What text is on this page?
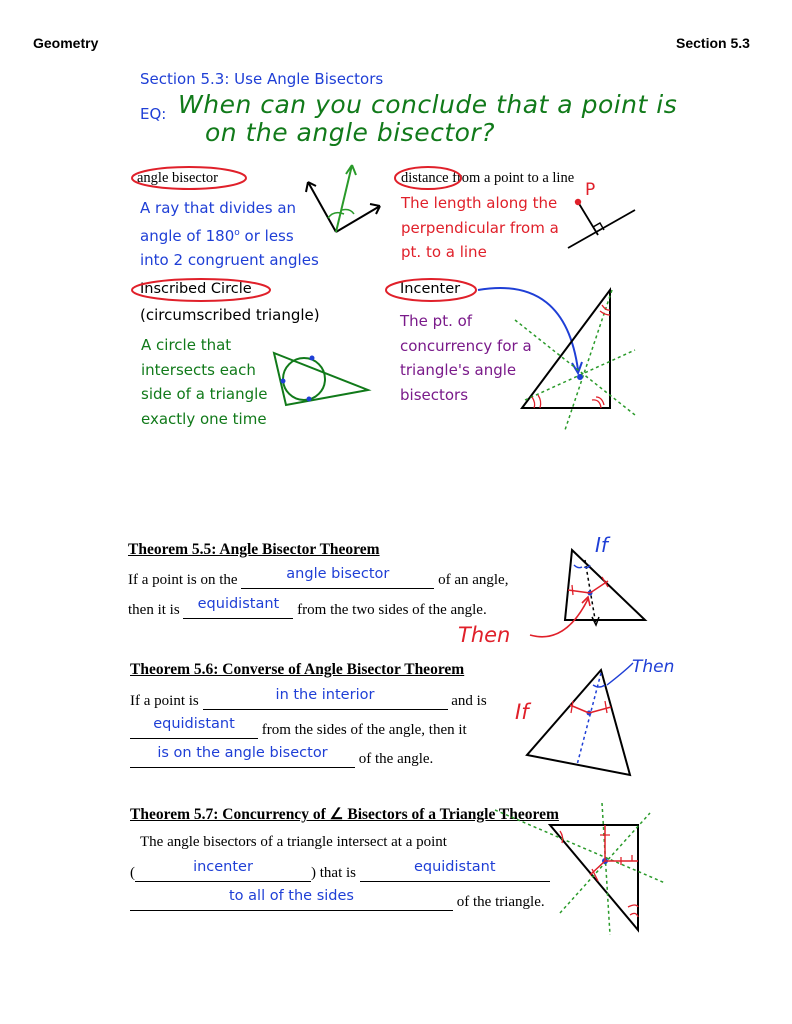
Geometry	Section 5.3
Section 5.3: Use Angle Bisectors
EQ: When can you conclude that a point is
on the angle bisector?
angle bisector
A ray that divides an
angle of 180$^o$ or less
into 2 congruent angles
distance from a point to a line
The length along the
perpendicular from a
pt. to a line
P
Inscribed Circle
(circumscribed triangle)
A circle that
intersects each
side of a triangle
exactly one time
Incenter
The pt. of
concurrency for a
triangle's angle
bisectors
Theorem 5.5: Angle Bisector Theorem
If a point is on the	angle bisector	of an angle,
then it is equidistant from the two sides of the angle.
If
Then
Theorem 5.6: Converse of Angle Bisector Theorem
If a point is	in the interior	and is
equidistant from the sides of the angle, then it
is on the angle bisector of the angle.
Then
If
Theorem 5.7: Concurrency of ∠ Bisectors of a Triangle Theorem
The angle bisectors of a triangle intersect at a point
(	incenter	) that is	equidistant
to all of the sides	of the triangle.
